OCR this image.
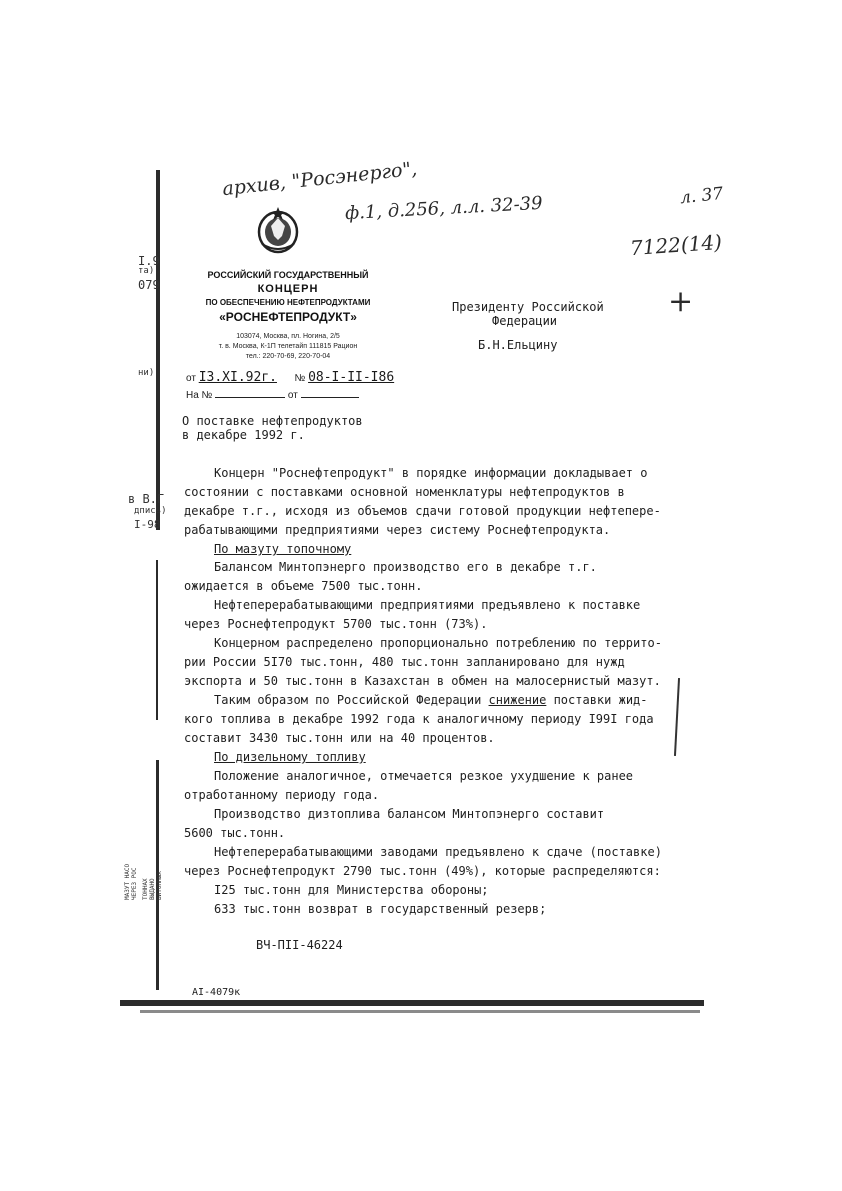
I.9
та)
079
ни)
в В.Г
дпись)
I-98
МАЗУТ НАСО ЧЕРЕЗ РОС ТОННАХ ВЫДАНО ВИТОННЫХ
архив, "Росэнерго",
ф.1, д.256, л.л. 32-39	л. 37
7122(14)
+
РОССИЙСКИЙ ГОСУДАРСТВЕННЫЙ
КОНЦЕРН
ПО ОБЕСПЕЧЕНИЮ НЕФТЕПРОДУКТАМИ
«РОСНЕФТЕПРОДУКТ»
103074, Москва, пл. Ногина, 2/5
т. в. Москва, К-1П телетайп 111815 Рацион
тел.: 220-70-69, 220-70-04
от I3.XI.92г. № 08-I-II-I86
На №	от
Президенту Российской
Федерации
Б.Н.Ельцину
О поставке нефтепродуктов
в декабре 1992 г.
Концерн "Роснефтепродукт" в порядке информации докладывает о
состоянии с поставками основной номенклатуры нефтепродуктов в
декабре т.г., исходя из объемов сдачи готовой продукции нефтепере-
рабатывающими предприятиями через систему Роснефтепродукта.
По мазуту топочному
Балансом Минтопэнерго производство его в декабре т.г.
ожидается в объеме 7500 тыс.тонн.
Нефтеперерабатывающими предприятиями предъявлено к поставке
через Роснефтепродукт 5700 тыс.тонн (73%).
Концерном распределено пропорционально потреблению по террито-
рии России 5I70 тыс.тонн, 480 тыс.тонн запланировано для нужд
экспорта и 50 тыс.тонн в Казахстан в обмен на малосернистый мазут.
Таким образом по Российской Федерации снижение поставки жид-
кого топлива в декабре 1992 года к аналогичному периоду I99I года
составит 3430 тыс.тонн или на 40 процентов.
По дизельному топливу
Положение аналогичное, отмечается резкое ухудшение к ранее
отработанному периоду года.
Производство дизтоплива балансом Минтопэнерго составит
5600 тыс.тонн.
Нефтеперерабатывающими заводами предъявлено к сдаче (поставке)
через Роснефтепродукт 2790 тыс.тонн (49%), которые распределяются:
I25 тыс.тонн для Министерства обороны;
633 тыс.тонн возврат в государственный резерв;
ВЧ-ПII-46224
АI-4079к
